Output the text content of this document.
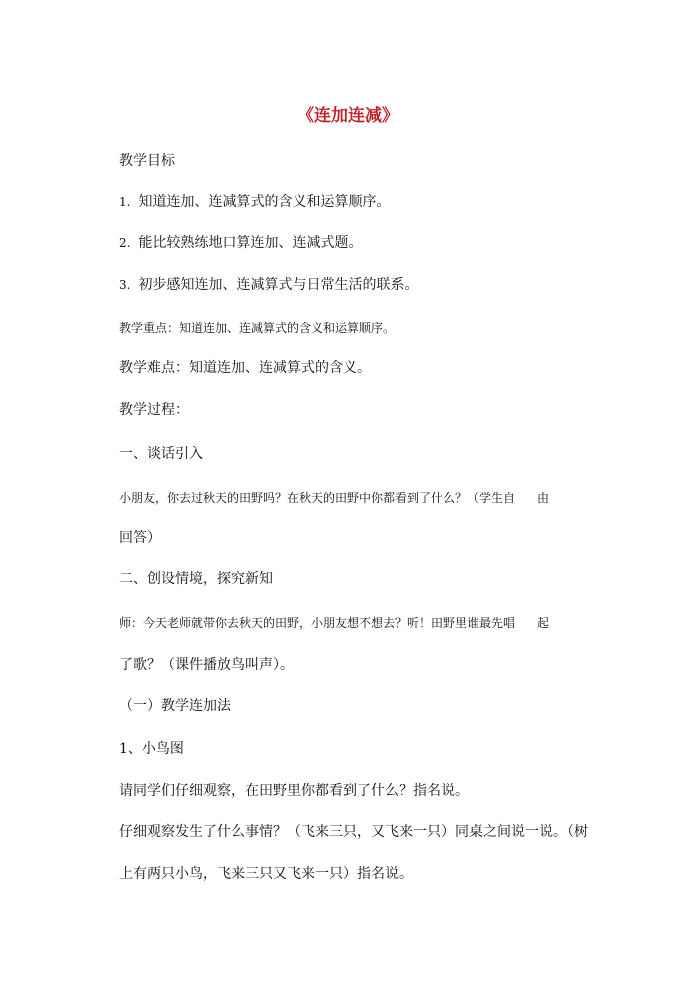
《连加连减》
教学目标
1. 知道连加、连减算式的含义和运算顺序。
2. 能比较熟练地口算连加、连减式题。
3. 初步感知连加、连减算式与日常生活的联系。
教学重点：知道连加、连减算式的含义和运算顺序。
教学难点：知道连加、连减算式的含义。
教学过程：
一、谈话引入
小朋友，你去过秋天的田野吗？在秋天的田野中你都看到了什么？（学生自 由
回答）
二、创设情境，探究新知
师：今天老师就带你去秋天的田野，小朋友想不想去？听！田野里谁最先唱 起
了歌？（课件播放鸟叫声）。
（一）教学连加法
1、小鸟图
请同学们仔细观察，在田野里你都看到了什么？指名说。
仔细观察发生了什么事情？（飞来三只，又飞来一只）同桌之间说一说。（树
上有两只小鸟，飞来三只又飞来一只）指名说。
